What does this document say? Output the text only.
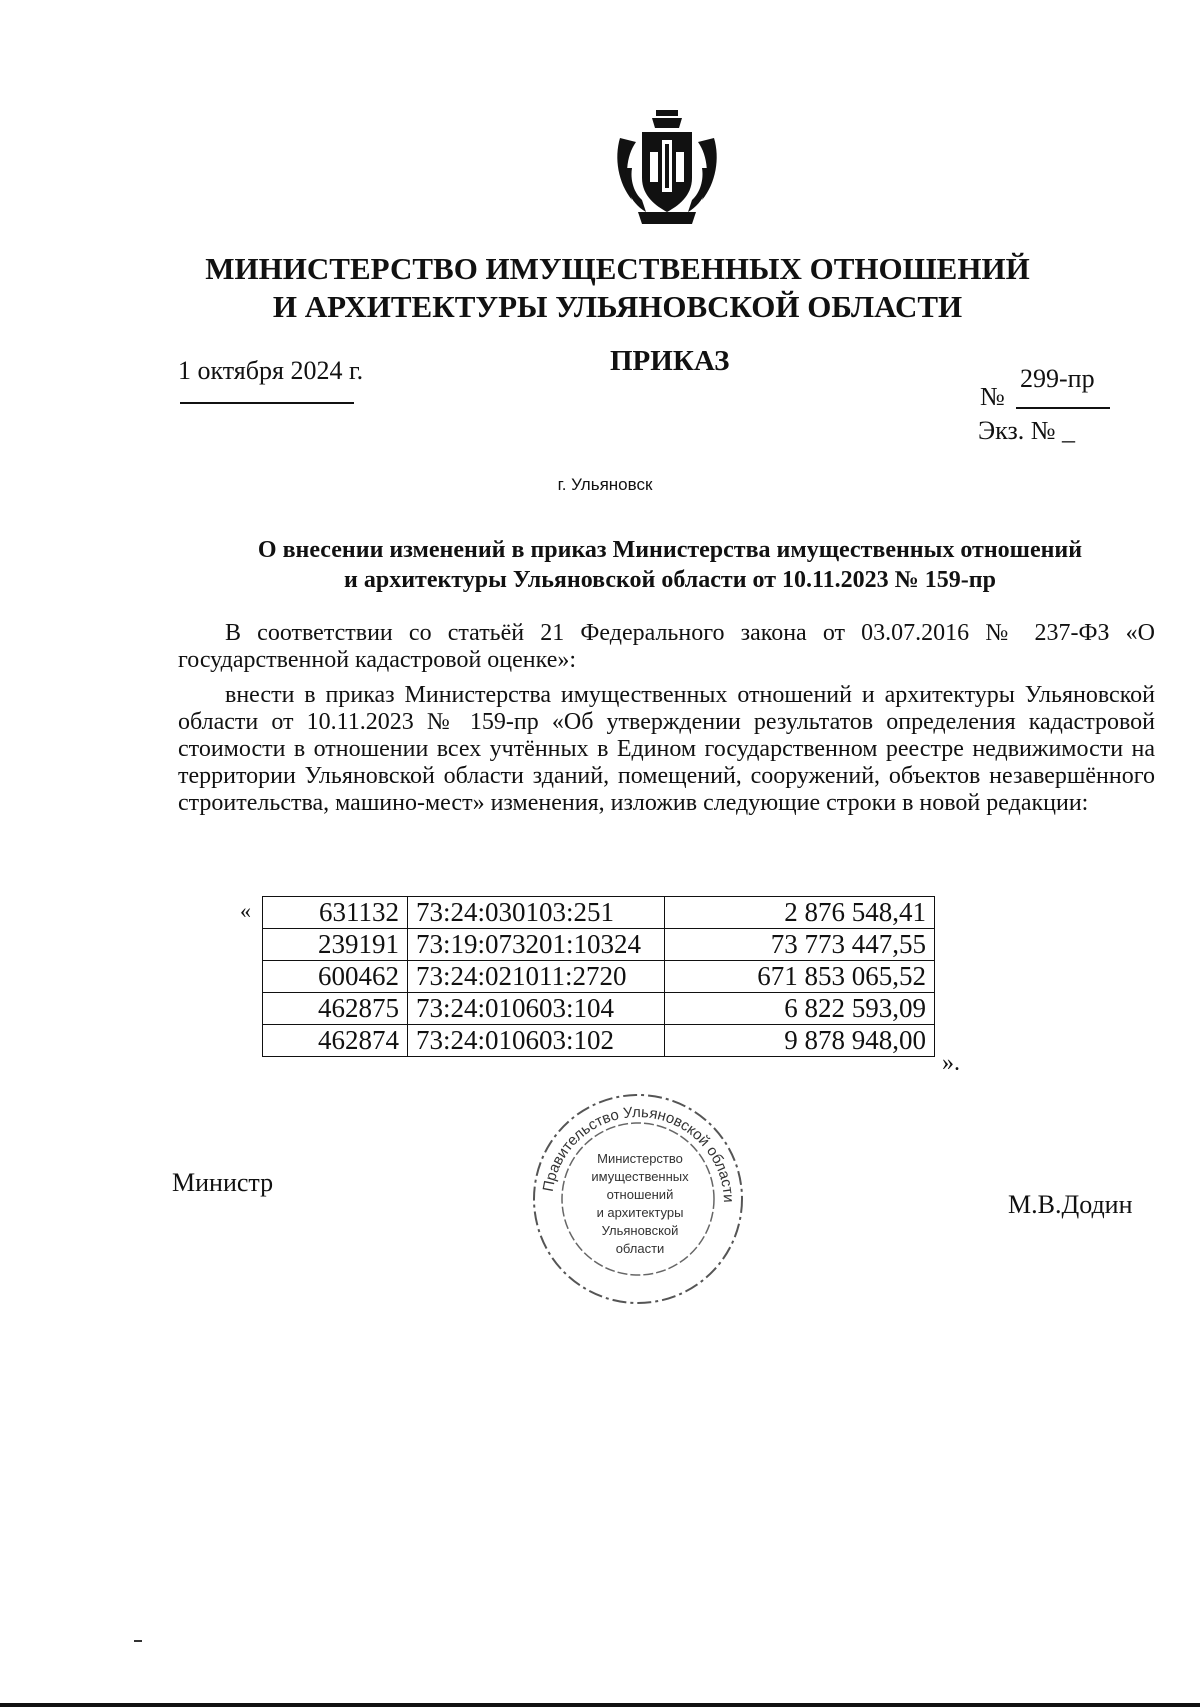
МИНИСТЕРСТВО ИМУЩЕСТВЕННЫХ ОТНОШЕНИЙ
И АРХИТЕКТУРЫ УЛЬЯНОВСКОЙ ОБЛАСТИ
ПРИКАЗ
1 октября 2024 г.
№
299-пр
Экз. № _
г. Ульяновск
О внесении изменений в приказ Министерства имущественных отношений
и архитектуры Ульяновской области от 10.11.2023 № 159-пр
В соответствии со статьёй 21 Федерального закона от 03.07.2016 № 237-ФЗ «О государственной кадастровой оценке»:
внести в приказ Министерства имущественных отношений и архитектуры Ульяновской области от 10.11.2023 № 159-пр «Об утверждении результатов определения кадастровой стоимости в отношении всех учтённых в Едином государственном реестре недвижимости на территории Ульяновской области зданий, помещений, сооружений, объектов незавершённого строительства, машино-мест» изменения, изложив следующие строки в новой редакции:
«	631132	73:24:030103:251	2 876 548,41
239191	73:19:073201:10324	73 773 447,55
600462	73:24:021011:2720	671 853 065,52
462875	73:24:010603:104	6 822 593,09
462874	73:24:010603:102	9 878 948,00
».
Правительство Ульяновской области
Министерство
имущественных
отношений
и архитектуры
Ульяновской
области
Министр
М.В.Додин
